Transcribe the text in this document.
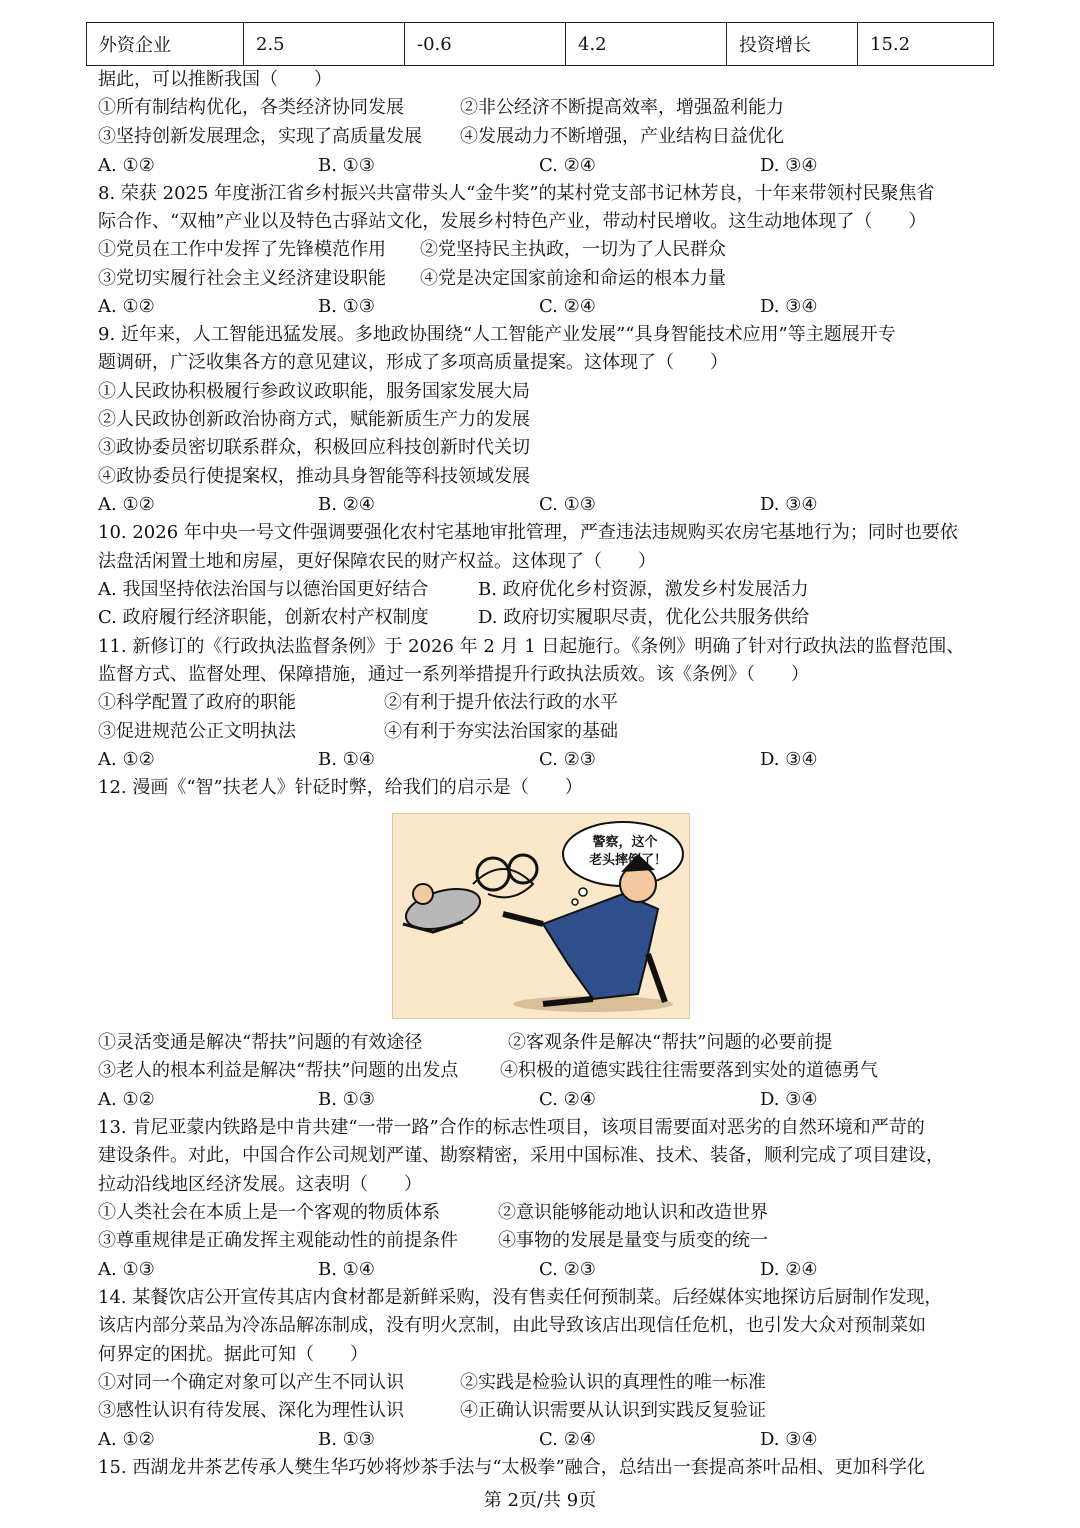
外资企业	2.5	-0.6	4.2	投资增长	15.2
据此，可以推断我国（　　）
①所有制结构优化，各类经济协同发展	②非公经济不断提高效率，增强盈利能力
③坚持创新发展理念，实现了高质量发展 ④发展动力不断增强，产业结构日益优化
A. ①②	B. ①③	C. ②④	D. ③④
8. 荣获 2025 年度浙江省乡村振兴共富带头人“金牛奖”的某村党支部书记林芳良，十年来带领村民聚焦省
际合作、“双柚”产业以及特色古驿站文化，发展乡村特色产业，带动村民增收。这生动地体现了（　　）
①党员在工作中发挥了先锋模范作用 ②党坚持民主执政，一切为了人民群众
③党切实履行社会主义经济建设职能 ④党是决定国家前途和命运的根本力量
A. ①②	B. ①③	C. ②④	D. ③④
9. 近年来，人工智能迅猛发展。多地政协围绕“人工智能产业发展”“具身智能技术应用”等主题展开专
题调研，广泛收集各方的意见建议，形成了多项高质量提案。这体现了（　　）
①人民政协积极履行参政议政职能，服务国家发展大局
②人民政协创新政治协商方式，赋能新质生产力的发展
③政协委员密切联系群众，积极回应科技创新时代关切
④政协委员行使提案权，推动具身智能等科技领域发展
A. ①②	B. ②④	C. ①③	D. ③④
10. 2026 年中央一号文件强调要强化农村宅基地审批管理，严查违法违规购买农房宅基地行为；同时也要依
法盘活闲置土地和房屋，更好保障农民的财产权益。这体现了（　　）
A. 我国坚持依法治国与以德治国更好结合	B. 政府优化乡村资源，激发乡村发展活力
C. 政府履行经济职能，创新农村产权制度	D. 政府切实履职尽责，优化公共服务供给
11. 新修订的《行政执法监督条例》于 2026 年 2 月 1 日起施行。《条例》明确了针对行政执法的监督范围、
监督方式、监督处理、保障措施，通过一系列举措提升行政执法质效。该《条例》（　　）
①科学配置了政府的职能	②有利于提升依法行政的水平
③促进规范公正文明执法	④有利于夯实法治国家的基础
A. ①②	B. ①④	C. ②③	D. ③④
12. 漫画《“智”扶老人》针砭时弊，给我们的启示是（　　）
警察，这个
老头摔倒了！
①灵活变通是解决“帮扶”问题的有效途径	②客观条件是解决“帮扶”问题的必要前提
③老人的根本利益是解决“帮扶”问题的出发点 ④积极的道德实践往往需要落到实处的道德勇气
A. ①②	B. ①③	C. ②④	D. ③④
13. 肯尼亚蒙内铁路是中肯共建“一带一路”合作的标志性项目，该项目需要面对恶劣的自然环境和严苛的
建设条件。对此，中国合作公司规划严谨、勘察精密，采用中国标准、技术、装备，顺利完成了项目建设，
拉动沿线地区经济发展。这表明（　　）
①人类社会在本质上是一个客观的物质体系	②意识能够能动地认识和改造世界
③尊重规律是正确发挥主观能动性的前提条件 ④事物的发展是量变与质变的统一
A. ①③	B. ①④	C. ②③	D. ②④
14. 某餐饮店公开宣传其店内食材都是新鲜采购，没有售卖任何预制菜。后经媒体实地探访后厨制作发现，
该店内部分菜品为冷冻品解冻制成，没有明火烹制，由此导致该店出现信任危机，也引发大众对预制菜如
何界定的困扰。据此可知（　　）
①对同一个确定对象可以产生不同认识	②实践是检验认识的真理性的唯一标准
③感性认识有待发展、深化为理性认识	④正确认识需要从认识到实践反复验证
A. ①②	B. ①③	C. ②④	D. ③④
15. 西湖龙井茶艺传承人樊生华巧妙将炒茶手法与“太极拳”融合，总结出一套提高茶叶品相、更加科学化
第 2页/共 9页
